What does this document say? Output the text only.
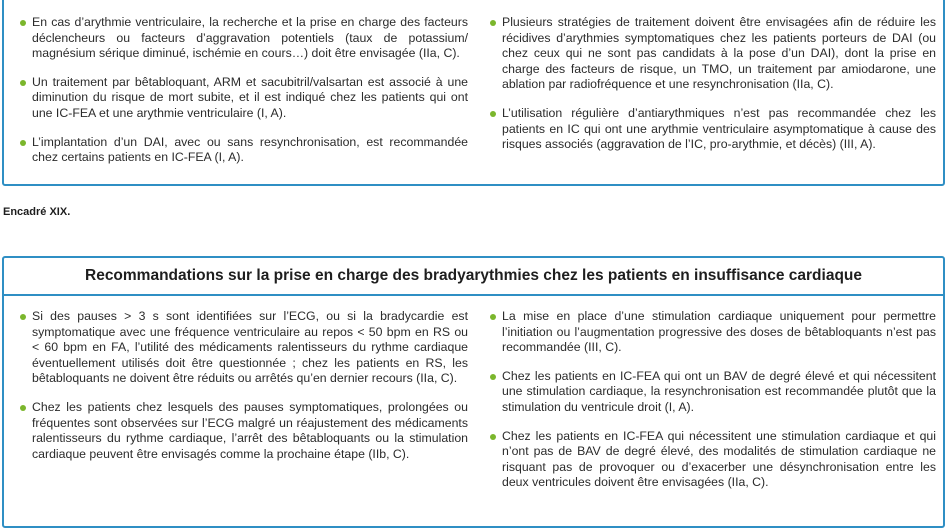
En cas d’arythmie ventriculaire, la recherche et la prise en charge des facteurs déclencheurs ou facteurs d’aggravation potentiels (taux de potassium/ magnésium sérique diminué, ischémie en cours…) doit être envisagée (IIa, C).
Un traitement par bêtabloquant, ARM et sacubitril/valsartan est associé à une diminution du risque de mort subite, et il est indiqué chez les patients qui ont une IC-FEA et une arythmie ventriculaire (I, A).
L’implantation d’un DAI, avec ou sans resynchronisation, est recommandée chez certains patients en IC-FEA (I, A).
Plusieurs stratégies de traitement doivent être envisagées afin de réduire les récidives d’arythmies symptomatiques chez les patients porteurs de DAI (ou chez ceux qui ne sont pas candidats à la pose d’un DAI), dont la prise en charge des facteurs de risque, un TMO, un traitement par amiodarone, une ablation par radiofréquence et une resynchronisation (IIa, C).
L’utilisation régulière d’antiarythmiques n’est pas recommandée chez les patients en IC qui ont une arythmie ventriculaire asymptomatique à cause des risques associés (aggravation de l’IC, pro-arythmie, et décès) (III, A).
Encadré XIX.
Recommandations sur la prise en charge des bradyarythmies chez les patients en insuffisance cardiaque
Si des pauses > 3 s sont identifiées sur l’ECG, ou si la bradycardie est symptomatique avec une fréquence ventriculaire au repos < 50 bpm en RS ou < 60 bpm en FA, l’utilité des médicaments ralentisseurs du rythme cardiaque éventuellement utilisés doit être questionnée ; chez les patients en RS, les bêtabloquants ne doivent être réduits ou arrêtés qu’en dernier recours (IIa, C).
Chez les patients chez lesquels des pauses symptomatiques, prolongées ou fréquentes sont observées sur l’ECG malgré un réajustement des médicaments ralentisseurs du rythme cardiaque, l’arrêt des bêtabloquants ou la stimulation cardiaque peuvent être envisagés comme la prochaine étape (IIb, C).
La mise en place d’une stimulation cardiaque uniquement pour permettre l’initiation ou l’augmentation progressive des doses de bêtabloquants n’est pas recommandée (III, C).
Chez les patients en IC-FEA qui ont un BAV de degré élevé et qui nécessitent une stimulation cardiaque, la resynchronisation est recommandée plutôt que la stimulation du ventricule droit (I, A).
Chez les patients en IC-FEA qui nécessitent une stimulation cardiaque et qui n’ont pas de BAV de degré élevé, des modalités de stimulation cardiaque ne risquant pas de provoquer ou d’exacerber une désynchronisation entre les deux ventricules doivent être envisagées (IIa, C).
